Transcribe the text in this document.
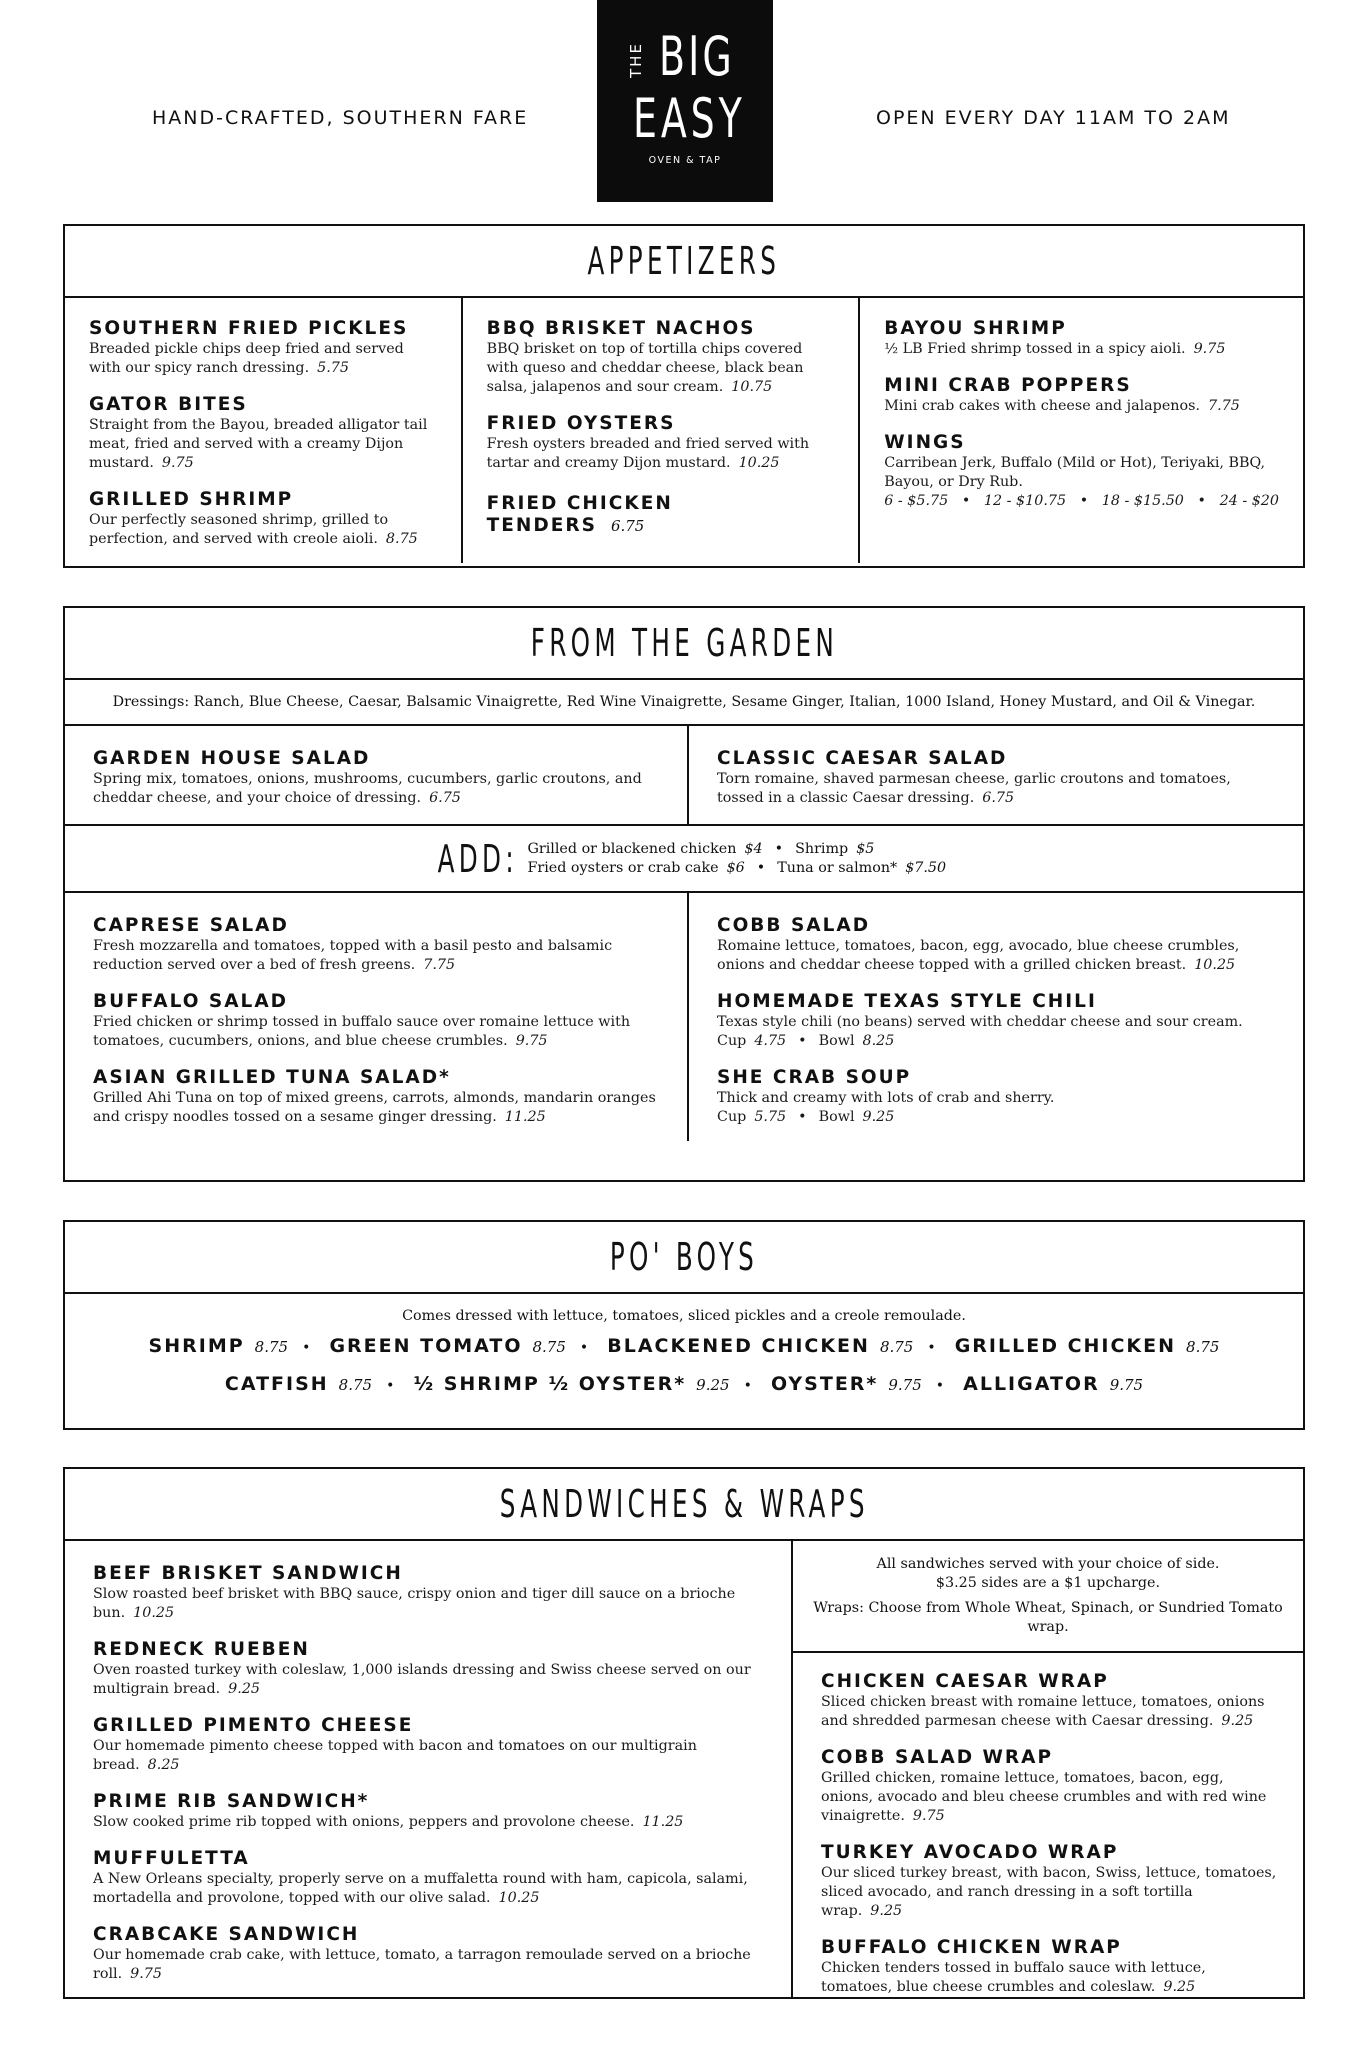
HAND-CRAFTED, SOUTHERN FARE
THE BIG
EASY
OVEN & TAP
OPEN EVERY DAY 11AM TO 2AM
APPETIZERS
SOUTHERN FRIED PICKLES
Breaded pickle chips deep fried and served with our spicy ranch dressing. 5.75
GATOR BITES
Straight from the Bayou, breaded alligator tail meat, fried and served with a creamy Dijon mustard. 9.75
GRILLED SHRIMP
Our perfectly seasoned shrimp, grilled to perfection, and served with creole aioli. 8.75
BBQ BRISKET NACHOS
BBQ brisket on top of tortilla chips covered with queso and cheddar cheese, black bean salsa, jalapenos and sour cream. 10.75
FRIED OYSTERS
Fresh oysters breaded and fried served with tartar and creamy Dijon mustard. 10.25
FRIED CHICKEN TENDERS 6.75
BAYOU SHRIMP
½ LB Fried shrimp tossed in a spicy aioli. 9.75
MINI CRAB POPPERS
Mini crab cakes with cheese and jalapenos. 7.75
WINGS
Carribean Jerk, Buffalo (Mild or Hot), Teriyaki, BBQ, Bayou, or Dry Rub.
6 - $5.75   •   12 - $10.75   •   18 - $15.50   •   24 - $20
FROM THE GARDEN
Dressings: Ranch, Blue Cheese, Caesar, Balsamic Vinaigrette, Red Wine Vinaigrette, Sesame Ginger, Italian, 1000 Island, Honey Mustard, and Oil & Vinegar.
GARDEN HOUSE SALAD
Spring mix, tomatoes, onions, mushrooms, cucumbers, garlic croutons, and cheddar cheese, and your choice of dressing. 6.75
CLASSIC CAESAR SALAD
Torn romaine, shaved parmesan cheese, garlic croutons and tomatoes, tossed in a classic Caesar dressing. 6.75
ADD: Grilled or blackened chicken $4 • Shrimp $5
Fried oysters or crab cake $6 • Tuna or salmon* $7.50
CAPRESE SALAD
Fresh mozzarella and tomatoes, topped with a basil pesto and balsamic reduction served over a bed of fresh greens. 7.75
BUFFALO SALAD
Fried chicken or shrimp tossed in buffalo sauce over romaine lettuce with tomatoes, cucumbers, onions, and blue cheese crumbles. 9.75
ASIAN GRILLED TUNA SALAD*
Grilled Ahi Tuna on top of mixed greens, carrots, almonds, mandarin oranges and crispy noodles tossed on a sesame ginger dressing. 11.25
COBB SALAD
Romaine lettuce, tomatoes, bacon, egg, avocado, blue cheese crumbles, onions and cheddar cheese topped with a grilled chicken breast. 10.25
HOMEMADE TEXAS STYLE CHILI
Texas style chili (no beans) served with cheddar cheese and sour cream.
Cup 4.75 • Bowl 8.25
SHE CRAB SOUP
Thick and creamy with lots of crab and sherry.
Cup 5.75 • Bowl 9.25
PO' BOYS
Comes dressed with lettuce, tomatoes, sliced pickles and a creole remoulade.
SHRIMP 8.75 • GREEN TOMATO 8.75 • BLACKENED CHICKEN 8.75 • GRILLED CHICKEN 8.75
CATFISH 8.75 • ½ SHRIMP ½ OYSTER* 9.25 • OYSTER* 9.75 • ALLIGATOR 9.75
SANDWICHES & WRAPS
BEEF BRISKET SANDWICH
Slow roasted beef brisket with BBQ sauce, crispy onion and tiger dill sauce on a brioche bun. 10.25
REDNECK RUEBEN
Oven roasted turkey with coleslaw, 1,000 islands dressing and Swiss cheese served on our multigrain bread. 9.25
GRILLED PIMENTO CHEESE
Our homemade pimento cheese topped with bacon and tomatoes on our multigrain bread. 8.25
PRIME RIB SANDWICH*
Slow cooked prime rib topped with onions, peppers and provolone cheese. 11.25
MUFFULETTA
A New Orleans specialty, properly serve on a muffaletta round with ham, capicola, salami, mortadella and provolone, topped with our olive salad. 10.25
CRABCAKE SANDWICH
Our homemade crab cake, with lettuce, tomato, a tarragon remoulade served on a brioche roll. 9.75
All sandwiches served with your choice of side.
$3.25 sides are a $1 upcharge.
Wraps: Choose from Whole Wheat, Spinach, or Sundried Tomato wrap.
CHICKEN CAESAR WRAP
Sliced chicken breast with romaine lettuce, tomatoes, onions and shredded parmesan cheese with Caesar dressing. 9.25
COBB SALAD WRAP
Grilled chicken, romaine lettuce, tomatoes, bacon, egg, onions, avocado and bleu cheese crumbles and with red wine vinaigrette. 9.75
TURKEY AVOCADO WRAP
Our sliced turkey breast, with bacon, Swiss, lettuce, tomatoes, sliced avocado, and ranch dressing in a soft tortilla wrap. 9.25
BUFFALO CHICKEN WRAP
Chicken tenders tossed in buffalo sauce with lettuce, tomatoes, blue cheese crumbles and coleslaw. 9.25
